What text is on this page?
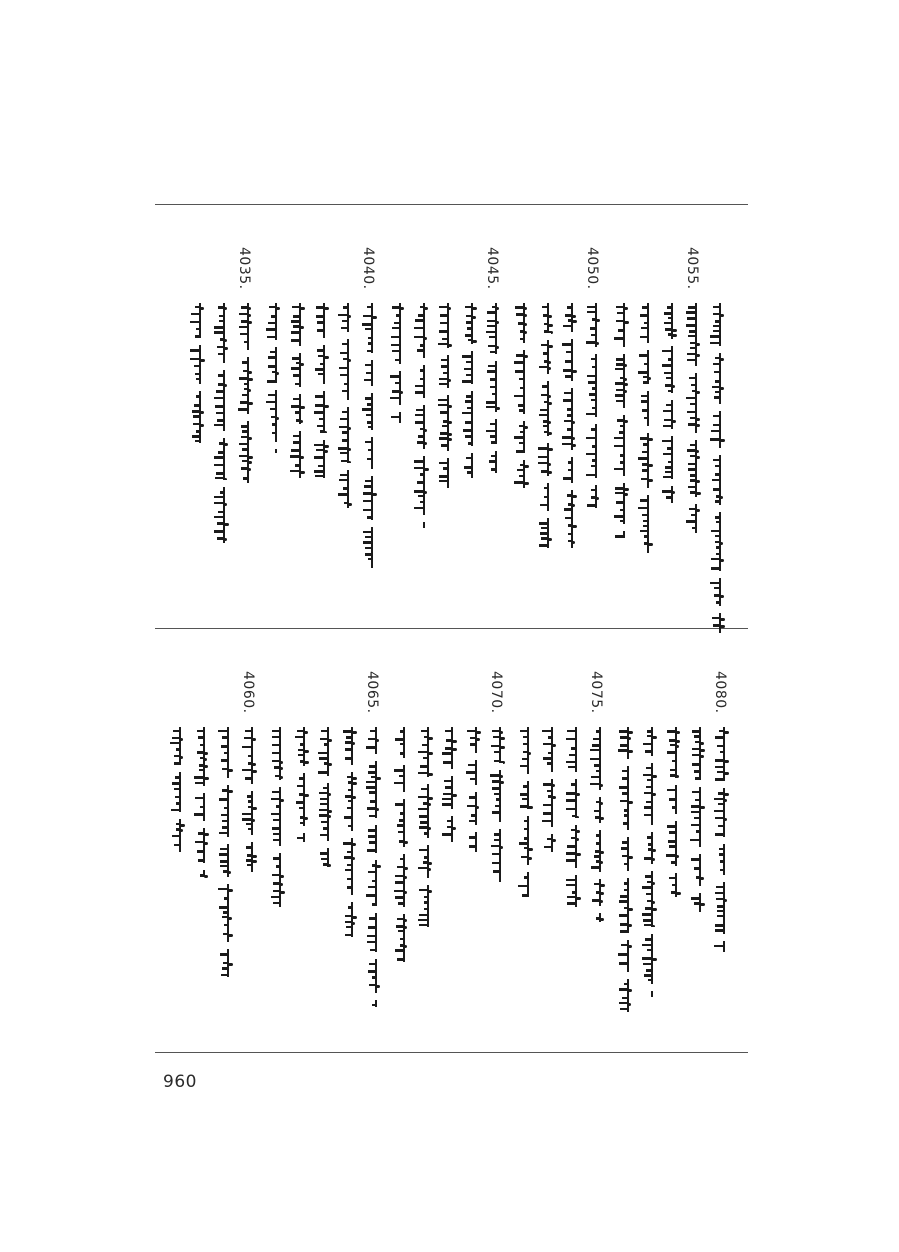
4055.
4050.
4045.
4040.
4035.
4080.
4075.
4070.
4065.
4060.
960
